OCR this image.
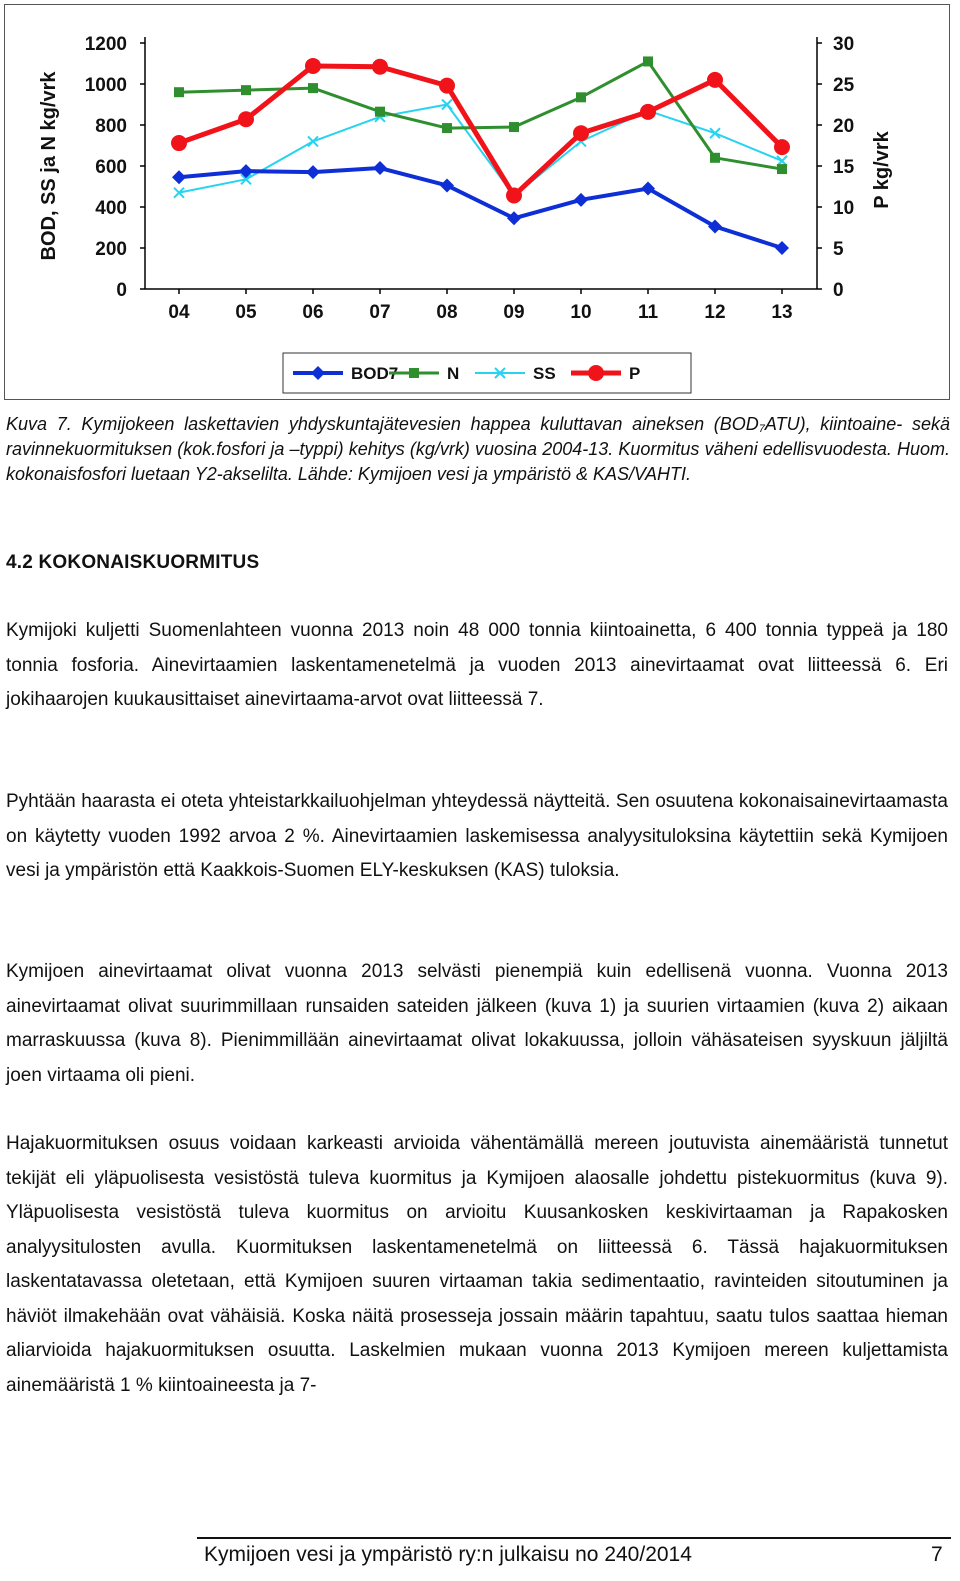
1200
1000
800
600
400
200
0
30
25
20
15
10
5
0
04 05 06 07 08 09 10 11 12 13
BOD, SS ja N kg/vrk	P kg/vrk
BOD7	N	SS	P
Kuva 7. Kymijokeen laskettavien yhdyskuntajätevesien happea kuluttavan aineksen $(BOD_7ATU)$, kiintoaine- sekä ravinnekuormituksen (kok.fosfori ja –typpi) kehitys (kg/vrk) vuosina 2004-13. Kuormitus väheni edellisvuodesta. Huom. kokonaisfosfori luetaan Y2-akselilta. Lähde: Kymijoen vesi ja ympäristö & KAS/VAHTI.
4.2 KOKONAISKUORMITUS
Kymijoki kuljetti Suomenlahteen vuonna 2013 noin 48 000 tonnia kiintoainetta, 6 400 tonnia typpeä ja 180 tonnia fosforia. Ainevirtaamien laskentamenetelmä ja vuoden 2013 ainevirtaamat ovat liitteessä 6. Eri jokihaarojen kuukausittaiset ainevirtaama-arvot ovat liitteessä 7.
Pyhtään haarasta ei oteta yhteistarkkailuohjelman yhteydessä näytteitä. Sen osuutena kokonaisainevirtaamasta on käytetty vuoden 1992 arvoa 2 %. Ainevirtaamien laskemisessa analyysituloksina käytettiin sekä Kymijoen vesi ja ympäristön että Kaakkois-Suomen ELY-keskuksen (KAS) tuloksia.
Kymijoen ainevirtaamat olivat vuonna 2013 selvästi pienempiä kuin edellisenä vuonna. Vuonna 2013 ainevirtaamat olivat suurimmillaan runsaiden sateiden jälkeen (kuva 1) ja suurien virtaamien (kuva 2) aikaan marraskuussa (kuva 8). Pienimmillään ainevirtaamat olivat lokakuussa, jolloin vähäsateisen syyskuun jäljiltä joen virtaama oli pieni.
Hajakuormituksen osuus voidaan karkeasti arvioida vähentämällä mereen joutuvista ainemääristä tunnetut tekijät eli yläpuolisesta vesistöstä tuleva kuormitus ja Kymijoen alaosalle johdettu pistekuormitus (kuva 9). Yläpuolisesta vesistöstä tuleva kuormitus on arvioitu Kuusankosken keskivirtaaman ja Rapakosken analyysitulosten avulla. Kuormituksen laskentamenetelmä on liitteessä 6. Tässä hajakuormituksen laskentatavassa oletetaan, että Kymijoen suuren virtaaman takia sedimentaatio, ravinteiden sitoutuminen ja häviöt ilmakehään ovat vähäisiä. Koska näitä prosesseja jossain määrin tapahtuu, saatu tulos saattaa hieman aliarvioida hajakuormituksen osuutta. Laskelmien mukaan vuonna 2013 Kymijoen mereen kuljettamista ainemääristä 1 % kiintoaineesta ja 7-
Kymijoen vesi ja ympäristö ry:n julkaisu no 240/2014	7
